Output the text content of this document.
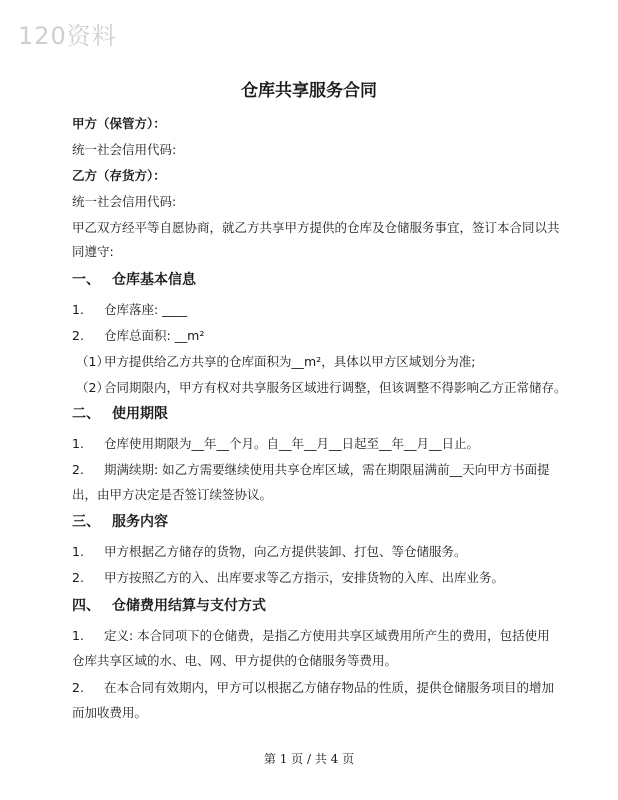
120资料
仓库共享服务合同
甲方（保管方）：
统一社会信用代码:
乙方（存货方）：
统一社会信用代码:
甲乙双方经平等自愿协商，就乙方共享甲方提供的仓库及仓储服务事宜，签订本合同以共
同遵守:
一、 仓库基本信息
1. 仓库落座: ____
2. 仓库总面积: __m²
（1）甲方提供给乙方共享的仓库面积为__m²，具体以甲方区域划分为准;
（2）合同期限内，甲方有权对共享服务区域进行调整，但该调整不得影响乙方正常储存。
二、 使用期限
1. 仓库使用期限为__年__个月。自__年__月__日起至__年__月__日止。
2. 期满续期: 如乙方需要继续使用共享仓库区域，需在期限届满前__天向甲方书面提
出，由甲方决定是否签订续签协议。
三、 服务内容
1. 甲方根据乙方储存的货物，向乙方提供装卸、打包、等仓储服务。
2. 甲方按照乙方的入、出库要求等乙方指示，安排货物的入库、出库业务。
四、 仓储费用结算与支付方式
1. 定义: 本合同项下的仓储费，是指乙方使用共享区域费用所产生的费用，包括使用
仓库共享区域的水、电、网、甲方提供的仓储服务等费用。
2. 在本合同有效期内，甲方可以根据乙方储存物品的性质，提供仓储服务项目的增加
而加收费用。
第 1 页 / 共 4 页
